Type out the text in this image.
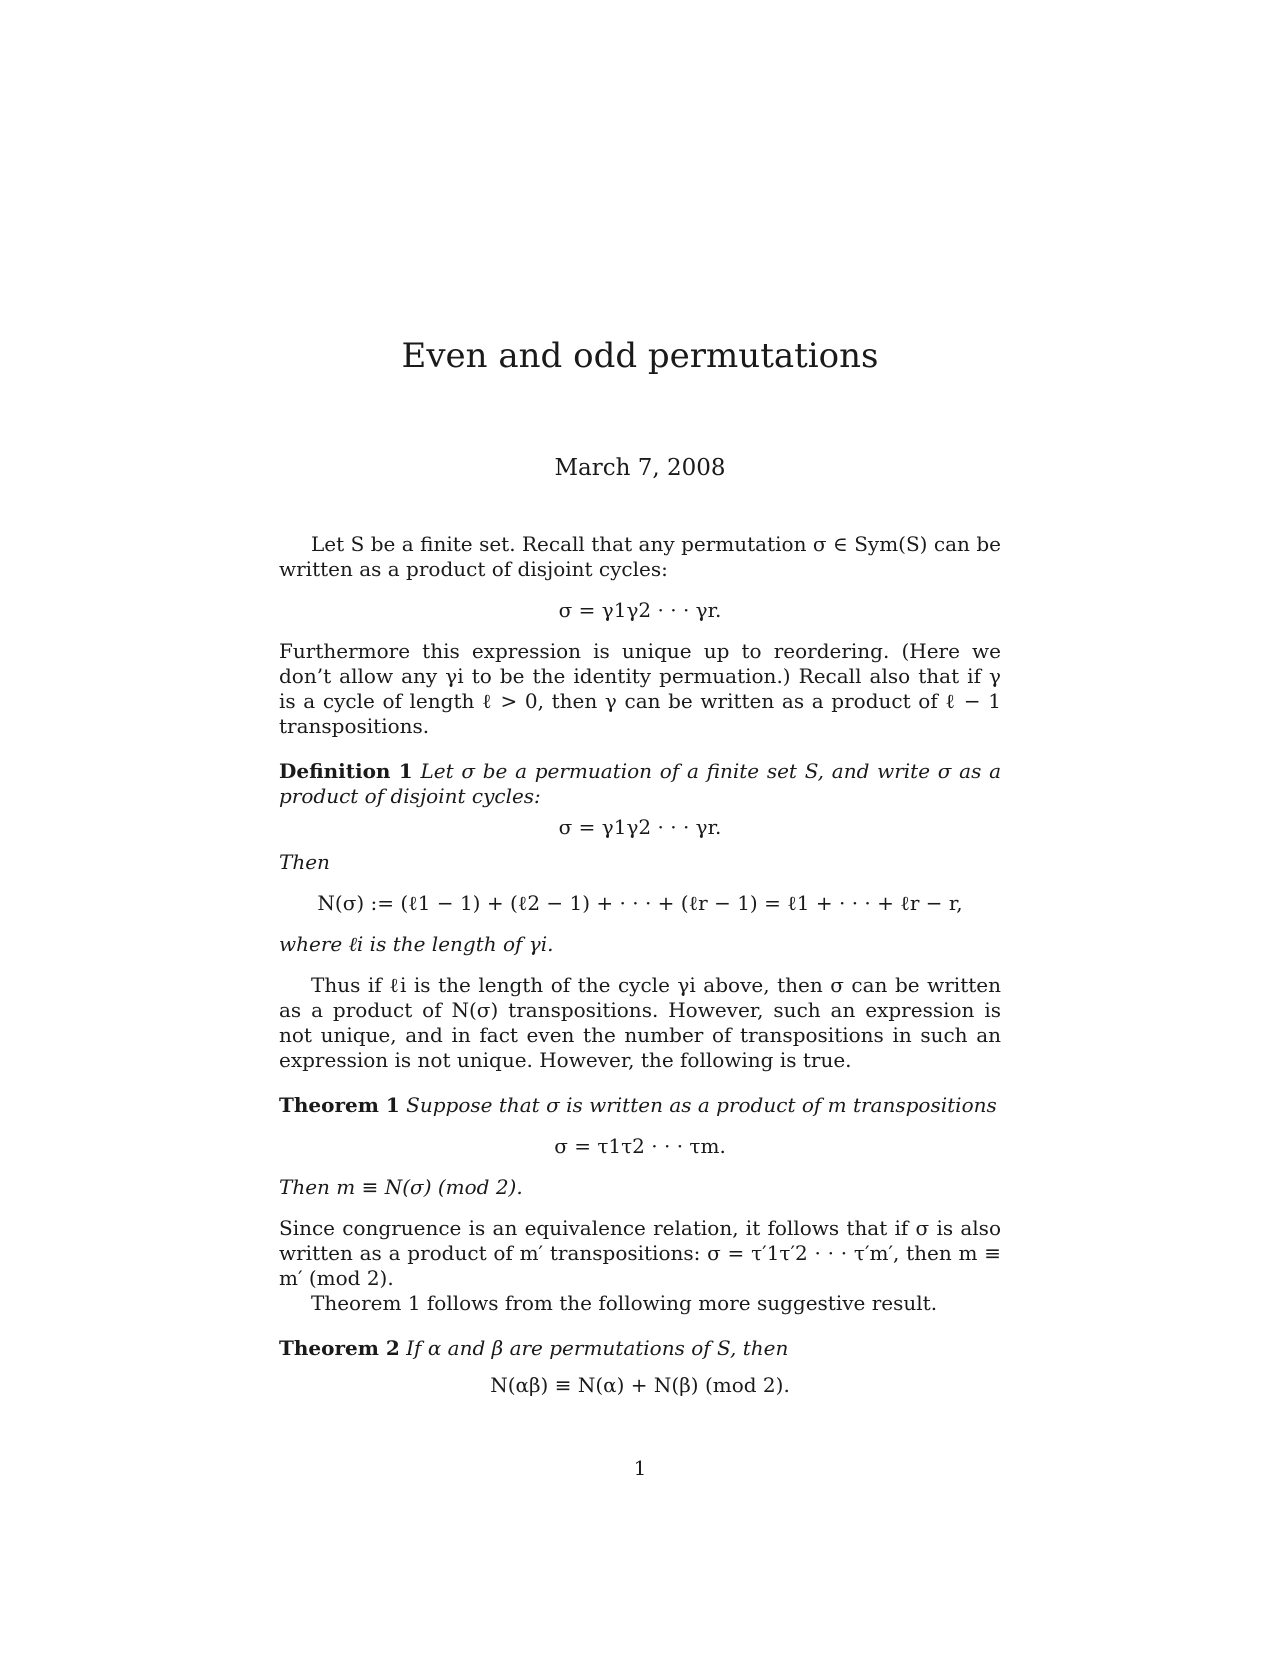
Even and odd permutations
March 7, 2008

Let S be a finite set. Recall that any permutation σ ∈ Sym(S) can be written as a product of disjoint cycles:

σ = γ1γ2 · · · γr.

Furthermore this expression is unique up to reordering. (Here we don’t allow any γi to be the identity permuation.) Recall also that if γ is a cycle of length ℓ > 0, then γ can be written as a product of ℓ − 1 transpositions.

Definition 1 Let σ be a permuation of a finite set S, and write σ as a product of disjoint cycles:

σ = γ1γ2 · · · γr.

Then

N(σ) := (ℓ1 − 1) + (ℓ2 − 1) + · · · + (ℓr − 1) = ℓ1 + · · · + ℓr − r,

where ℓi is the length of γi.

Thus if ℓi is the length of the cycle γi above, then σ can be written as a product of N(σ) transpositions. However, such an expression is not unique, and in fact even the number of transpositions in such an expression is not unique. However, the following is true.

Theorem 1 Suppose that σ is written as a product of m transpositions

σ = τ1τ2 · · · τm.

Then m ≡ N(σ) (mod 2).

Since congruence is an equivalence relation, it follows that if σ is also written as a product of m′ transpositions: σ = τ′1τ′2 · · · τ′m′, then m ≡ m′ (mod 2).

Theorem 1 follows from the following more suggestive result.

Theorem 2 If α and β are permutations of S, then

N(αβ) ≡ N(α) + N(β) (mod 2).

1
